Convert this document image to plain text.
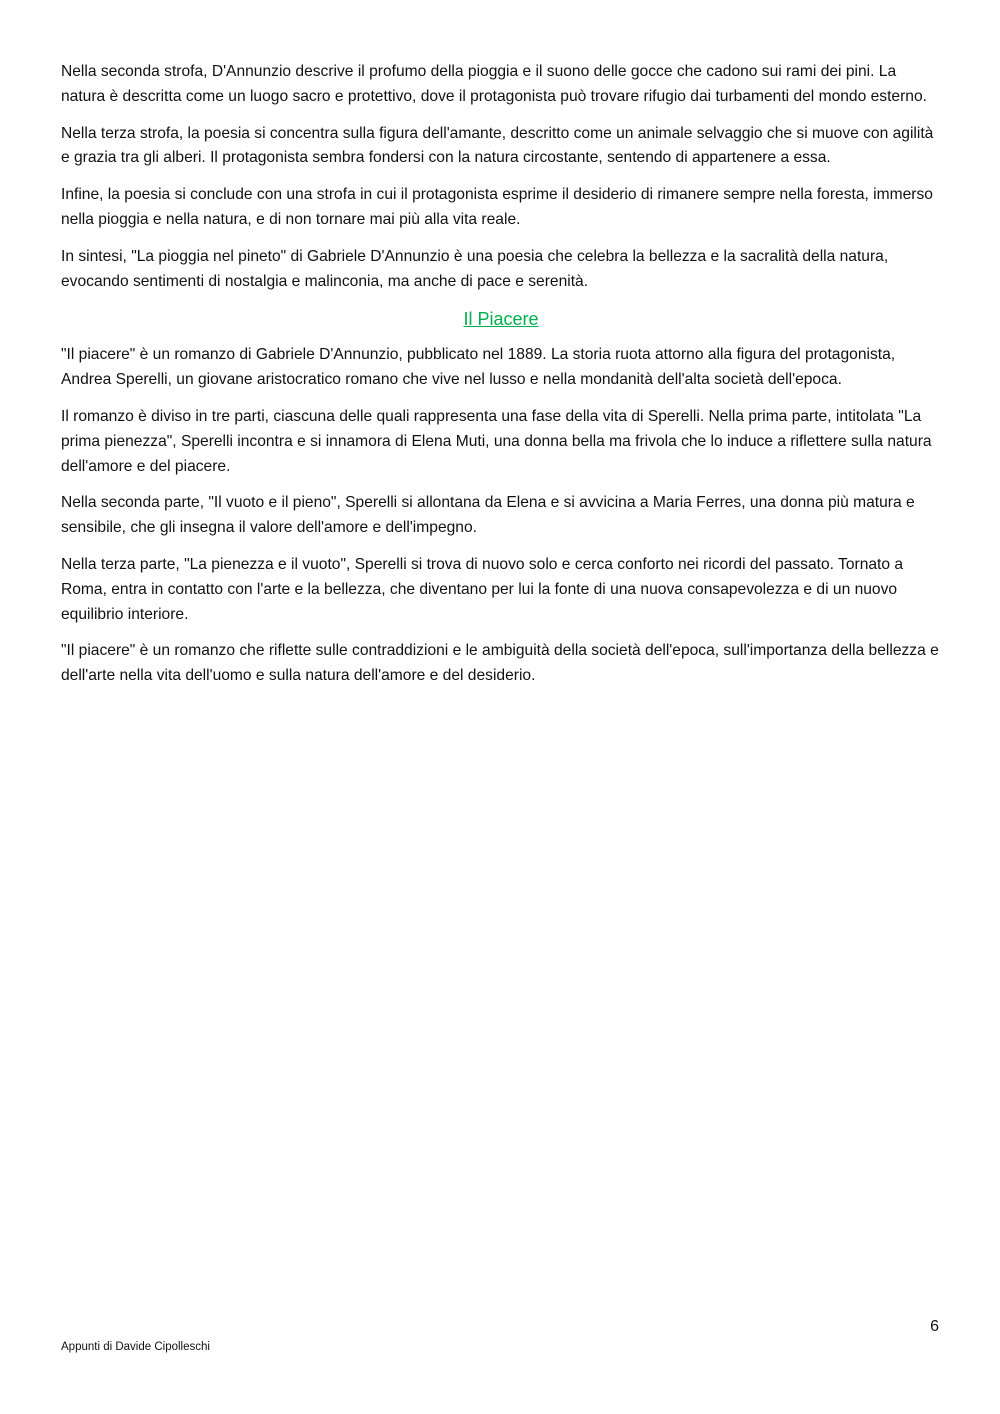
Nella seconda strofa, D'Annunzio descrive il profumo della pioggia e il suono delle gocce che cadono sui rami dei pini. La natura è descritta come un luogo sacro e protettivo, dove il protagonista può trovare rifugio dai turbamenti del mondo esterno.

Nella terza strofa, la poesia si concentra sulla figura dell'amante, descritto come un animale selvaggio che si muove con agilità e grazia tra gli alberi. Il protagonista sembra fondersi con la natura circostante, sentendo di appartenere a essa.

Infine, la poesia si conclude con una strofa in cui il protagonista esprime il desiderio di rimanere sempre nella foresta, immerso nella pioggia e nella natura, e di non tornare mai più alla vita reale.

In sintesi, "La pioggia nel pineto" di Gabriele D'Annunzio è una poesia che celebra la bellezza e la sacralità della natura, evocando sentimenti di nostalgia e malinconia, ma anche di pace e serenità.

Il Piacere

"Il piacere" è un romanzo di Gabriele D'Annunzio, pubblicato nel 1889. La storia ruota attorno alla figura del protagonista, Andrea Sperelli, un giovane aristocratico romano che vive nel lusso e nella mondanità dell'alta società dell'epoca.

Il romanzo è diviso in tre parti, ciascuna delle quali rappresenta una fase della vita di Sperelli. Nella prima parte, intitolata "La prima pienezza", Sperelli incontra e si innamora di Elena Muti, una donna bella ma frivola che lo induce a riflettere sulla natura dell'amore e del piacere.

Nella seconda parte, "Il vuoto e il pieno", Sperelli si allontana da Elena e si avvicina a Maria Ferres, una donna più matura e sensibile, che gli insegna il valore dell'amore e dell'impegno.

Nella terza parte, "La pienezza e il vuoto", Sperelli si trova di nuovo solo e cerca conforto nei ricordi del passato. Tornato a Roma, entra in contatto con l'arte e la bellezza, che diventano per lui la fonte di una nuova consapevolezza e di un nuovo equilibrio interiore.

"Il piacere" è un romanzo che riflette sulle contraddizioni e le ambiguità della società dell'epoca, sull'importanza della bellezza e dell'arte nella vita dell'uomo e sulla natura dell'amore e del desiderio.

6
Appunti di Davide Cipolleschi
